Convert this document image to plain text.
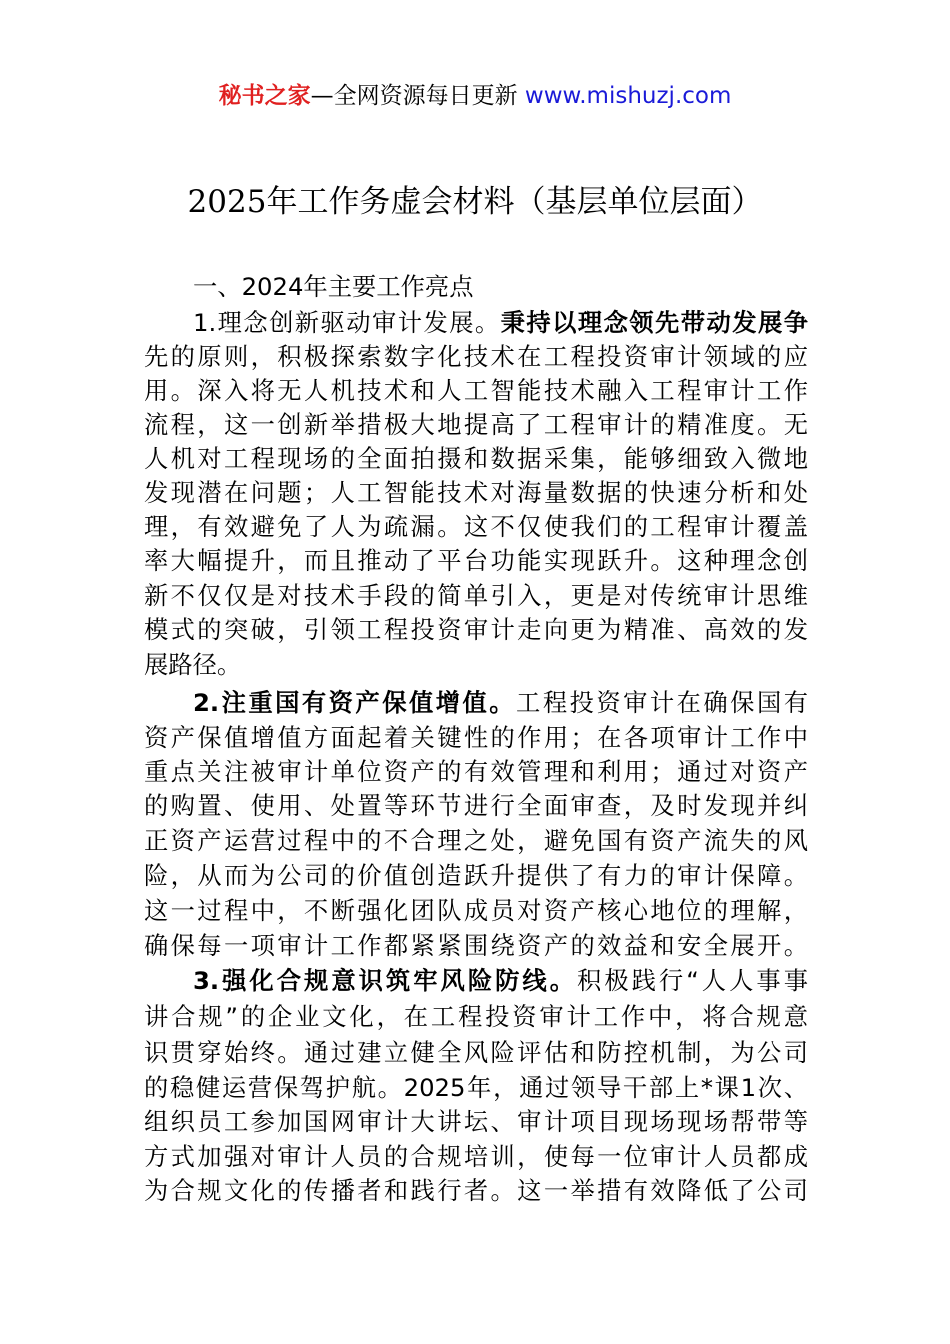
秘书之家—全网资源每日更新 www.mishuzj.com
2025年工作务虚会材料（基层单位层面）
一、2024年主要工作亮点
1.理念创新驱动审计发展。秉持以理念领先带动发展争
先的原则，积极探索数字化技术在工程投资审计领域的应
用。深入将无人机技术和人工智能技术融入工程审计工作
流程，这一创新举措极大地提高了工程审计的精准度。无
人机对工程现场的全面拍摄和数据采集，能够细致入微地
发现潜在问题；人工智能技术对海量数据的快速分析和处
理，有效避免了人为疏漏。这不仅使我们的工程审计覆盖
率大幅提升，而且推动了平台功能实现跃升。这种理念创
新不仅仅是对技术手段的简单引入，更是对传统审计思维
模式的突破，引领工程投资审计走向更为精准、高效的发
展路径。
2.注重国有资产保值增值。工程投资审计在确保国有
资产保值增值方面起着关键性的作用；在各项审计工作中
重点关注被审计单位资产的有效管理和利用；通过对资产
的购置、使用、处置等环节进行全面审查，及时发现并纠
正资产运营过程中的不合理之处，避免国有资产流失的风
险，从而为公司的价值创造跃升提供了有力的审计保障。
这一过程中，不断强化团队成员对资产核心地位的理解，
确保每一项审计工作都紧紧围绕资产的效益和安全展开。
3.强化合规意识筑牢风险防线。积极践行“人人事事
讲合规”的企业文化，在工程投资审计工作中，将合规意
识贯穿始终。通过建立健全风险评估和防控机制，为公司
的稳健运营保驾护航。2025年，通过领导干部上*课1次、
组织员工参加国网审计大讲坛、审计项目现场现场帮带等
方式加强对审计人员的合规培训，使每一位审计人员都成
为合规文化的传播者和践行者。这一举措有效降低了公司
